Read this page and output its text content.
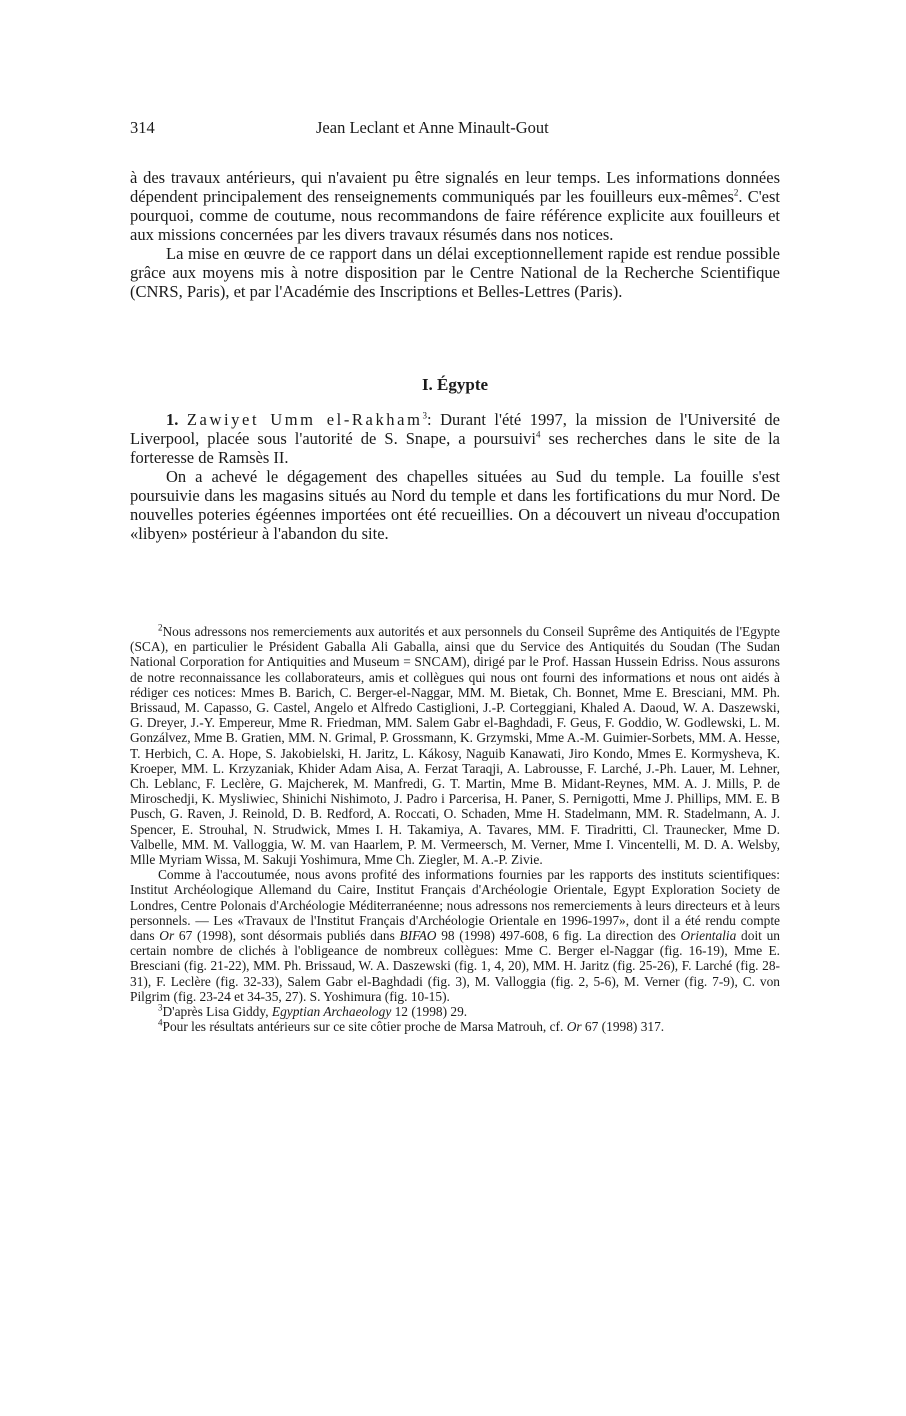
314	Jean Leclant et Anne Minault-Gout

à des travaux antérieurs, qui n'avaient pu être signalés en leur temps. Les informations données dépendent principalement des renseignements communiqués par les fouilleurs eux-mêmes$^2$. C'est pourquoi, comme de coutume, nous recommandons de faire référence explicite aux fouilleurs et aux missions concernées par les divers travaux résumés dans nos notices.

La mise en œuvre de ce rapport dans un délai exceptionnellement rapide est rendue possible grâce aux moyens mis à notre disposition par le Centre National de la Recherche Scientifique (CNRS, Paris), et par l'Académie des Inscriptions et Belles-Lettres (Paris).

I. Égypte

1. Zawiyet Umm el-Rakham$^3$: Durant l'été 1997, la mission de l'Université de Liverpool, placée sous l'autorité de S. Snape, a poursuivi$^4$ ses recherches dans le site de la forteresse de Ramsès II.

On a achevé le dégagement des chapelles situées au Sud du temple. La fouille s'est poursuivie dans les magasins situés au Nord du temple et dans les fortifications du mur Nord. De nouvelles poteries égéennes importées ont été recueillies. On a découvert un niveau d'occupation «libyen» postérieur à l'abandon du site.

$^2$Nous adressons nos remerciements aux autorités et aux personnels du Conseil Suprême des Antiquités de l'Egypte (SCA), en particulier le Président Gaballa Ali Gaballa, ainsi que du Service des Antiquités du Soudan (The Sudan National Corporation for Antiquities and Museum = SNCAM), dirigé par le Prof. Hassan Hussein Edriss. Nous assurons de notre reconnaissance les collaborateurs, amis et collègues qui nous ont fourni des informations et nous ont aidés à rédiger ces notices: Mmes B. Barich, C. Berger-el-Naggar, MM. M. Bietak, Ch. Bonnet, Mme E. Bresciani, MM. Ph. Brissaud, M. Capasso, G. Castel, Angelo et Alfredo Castiglioni, J.-P. Corteggiani, Khaled A. Daoud, W. A. Daszewski, G. Dreyer, J.-Y. Empereur, Mme R. Friedman, MM. Salem Gabr el-Baghdadi, F. Geus, F. Goddio, W. Godlewski, L. M. Gonzálvez, Mme B. Gratien, MM. N. Grimal, P. Grossmann, K. Grzymski, Mme A.-M. Guimier-Sorbets, MM. A. Hesse, T. Herbich, C. A. Hope, S. Jakobielski, H. Jaritz, L. Kákosy, Naguib Kanawati, Jiro Kondo, Mmes E. Kormysheva, K. Kroeper, MM. L. Krzyzaniak, Khider Adam Aisa, A. Ferzat Taraqji, A. Labrousse, F. Larché, J.-Ph. Lauer, M. Lehner, Ch. Leblanc, F. Leclère, G. Majcherek, M. Manfredi, G. T. Martin, Mme B. Midant-Reynes, MM. A. J. Mills, P. de Miroschedji, K. Mysliwiec, Shinichi Nishimoto, J. Padro i Parcerisa, H. Paner, S. Pernigotti, Mme J. Phillips, MM. E. B Pusch, G. Raven, J. Reinold, D. B. Redford, A. Roccati, O. Schaden, Mme H. Stadelmann, MM. R. Stadelmann, A. J. Spencer, E. Strouhal, N. Strudwick, Mmes I. H. Takamiya, A. Tavares, MM. F. Tiradritti, Cl. Traunecker, Mme D. Valbelle, MM. M. Valloggia, W. M. van Haarlem, P. M. Vermeersch, M. Verner, Mme I. Vincentelli, M. D. A. Welsby, Mlle Myriam Wissa, M. Sakuji Yoshimura, Mme Ch. Ziegler, M. A.-P. Zivie.

Comme à l'accoutumée, nous avons profité des informations fournies par les rapports des instituts scientifiques: Institut Archéologique Allemand du Caire, Institut Français d'Archéologie Orientale, Egypt Exploration Society de Londres, Centre Polonais d'Archéologie Méditerranéenne; nous adressons nos remerciements à leurs directeurs et à leurs personnels. — Les «Travaux de l'Institut Français d'Archéologie Orientale en 1996-1997», dont il a été rendu compte dans Or 67 (1998), sont désormais publiés dans BIFAO 98 (1998) 497-608, 6 fig. La direction des Orientalia doit un certain nombre de clichés à l'obligeance de nombreux collègues: Mme C. Berger el-Naggar (fig. 16-19), Mme E. Bresciani (fig. 21-22), MM. Ph. Brissaud, W. A. Daszewski (fig. 1, 4, 20), MM. H. Jaritz (fig. 25-26), F. Larché (fig. 28-31), F. Leclère (fig. 32-33), Salem Gabr el-Baghdadi (fig. 3), M. Valloggia (fig. 2, 5-6), M. Verner (fig. 7-9), C. von Pilgrim (fig. 23-24 et 34-35, 27). S. Yoshimura (fig. 10-15).

$^3$D'après Lisa Giddy, Egyptian Archaeology 12 (1998) 29.

$^4$Pour les résultats antérieurs sur ce site côtier proche de Marsa Matrouh, cf. Or 67 (1998) 317.
